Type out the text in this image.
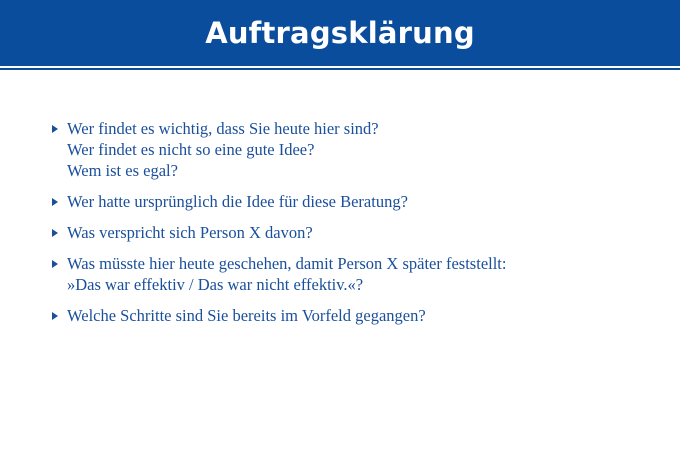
Auftragsklärung
Wer findet es wichtig, dass Sie heute hier sind?
Wer findet es nicht so eine gute Idee?
Wem ist es egal?
Wer hatte ursprünglich die Idee für diese Beratung?
Was verspricht sich Person X davon?
Was müsste hier heute geschehen, damit Person X später feststellt:
»Das war effektiv / Das war nicht effektiv.«?
Welche Schritte sind Sie bereits im Vorfeld gegangen?
